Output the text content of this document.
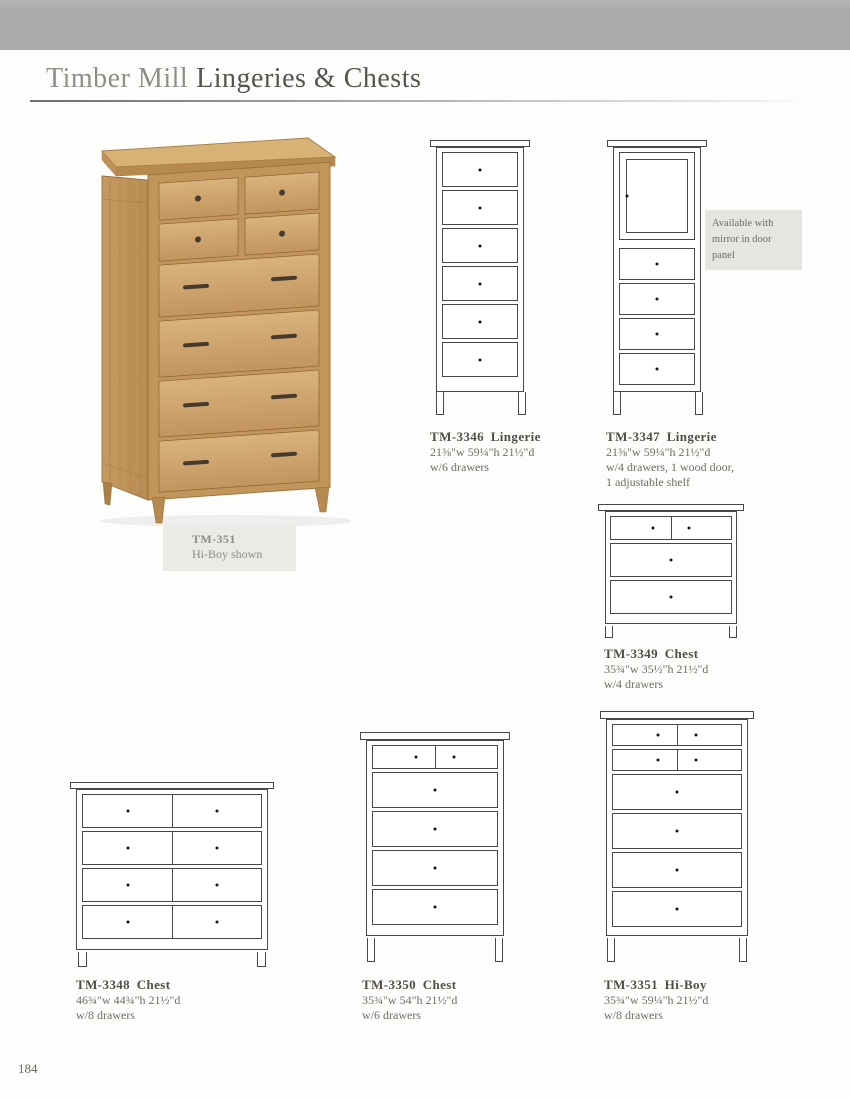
Timber Mill Lingeries & Chests
TM-351
Hi-Boy shown
Available with mirror in door panel
TM-3346 Lingerie
21⅜"w 59¼"h 21½"d
w/6 drawers
TM-3347 Lingerie
21⅜"w 59¼"h 21½"d
w/4 drawers, 1 wood door,
1 adjustable shelf
TM-3349 Chest
35¾"w 35½"h 21½"d
w/4 drawers
TM-3348 Chest
46¾"w 44¾"h 21½"d
w/8 drawers
TM-3350 Chest
35¾"w 54"h 21½"d
w/6 drawers
TM-3351 Hi-Boy
35¾"w 59¼"h 21½"d
w/8 drawers
184
